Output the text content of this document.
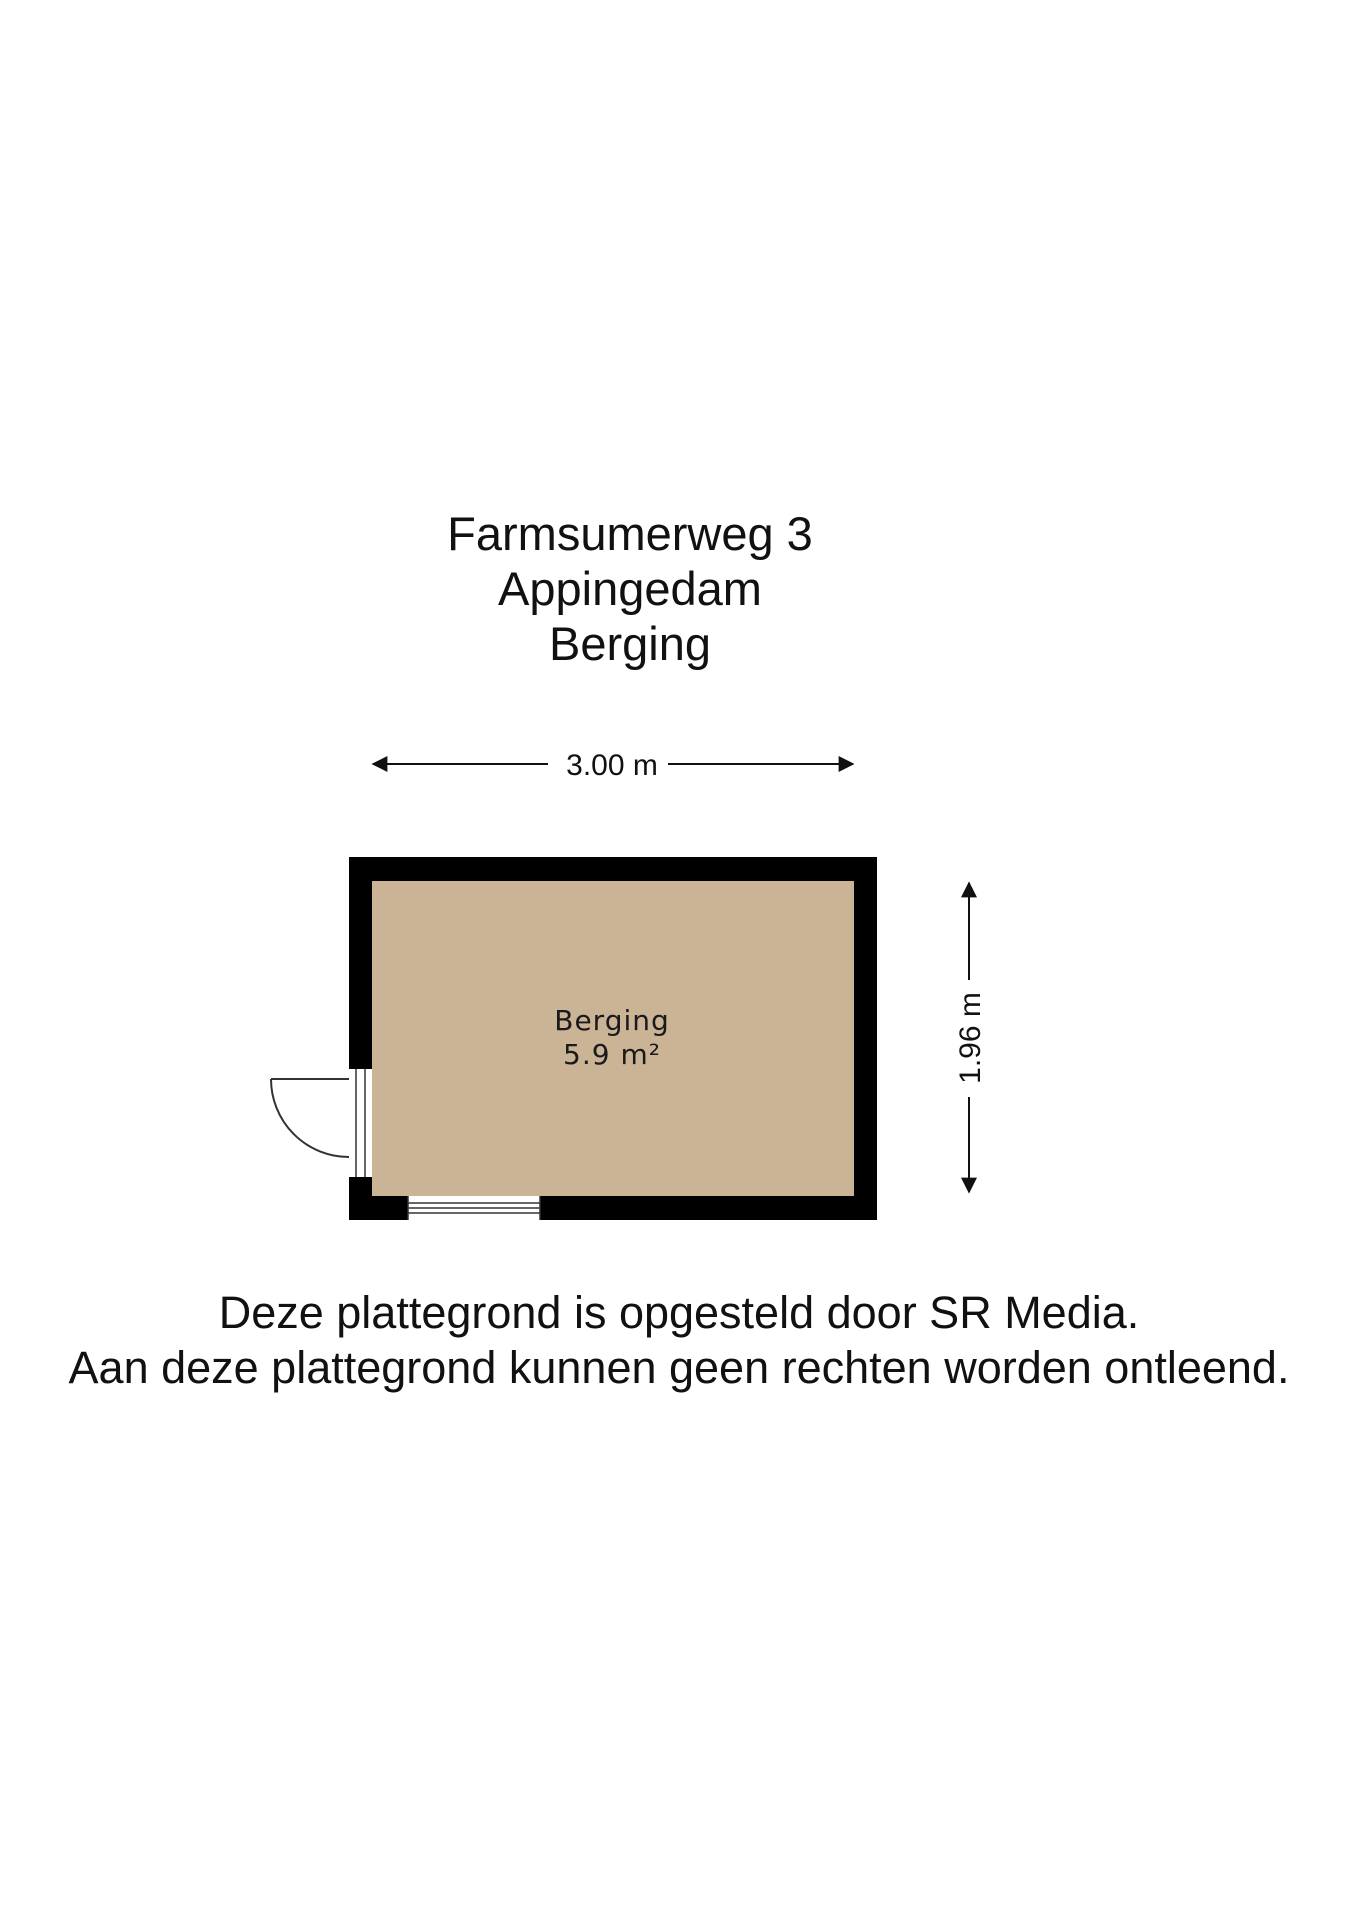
Farmsumerweg 3
Appingedam
Berging
3.00 m
1.96 m
Berging
5.9 m²
Deze plattegrond is opgesteld door SR Media.
Aan deze plattegrond kunnen geen rechten worden ontleend.
